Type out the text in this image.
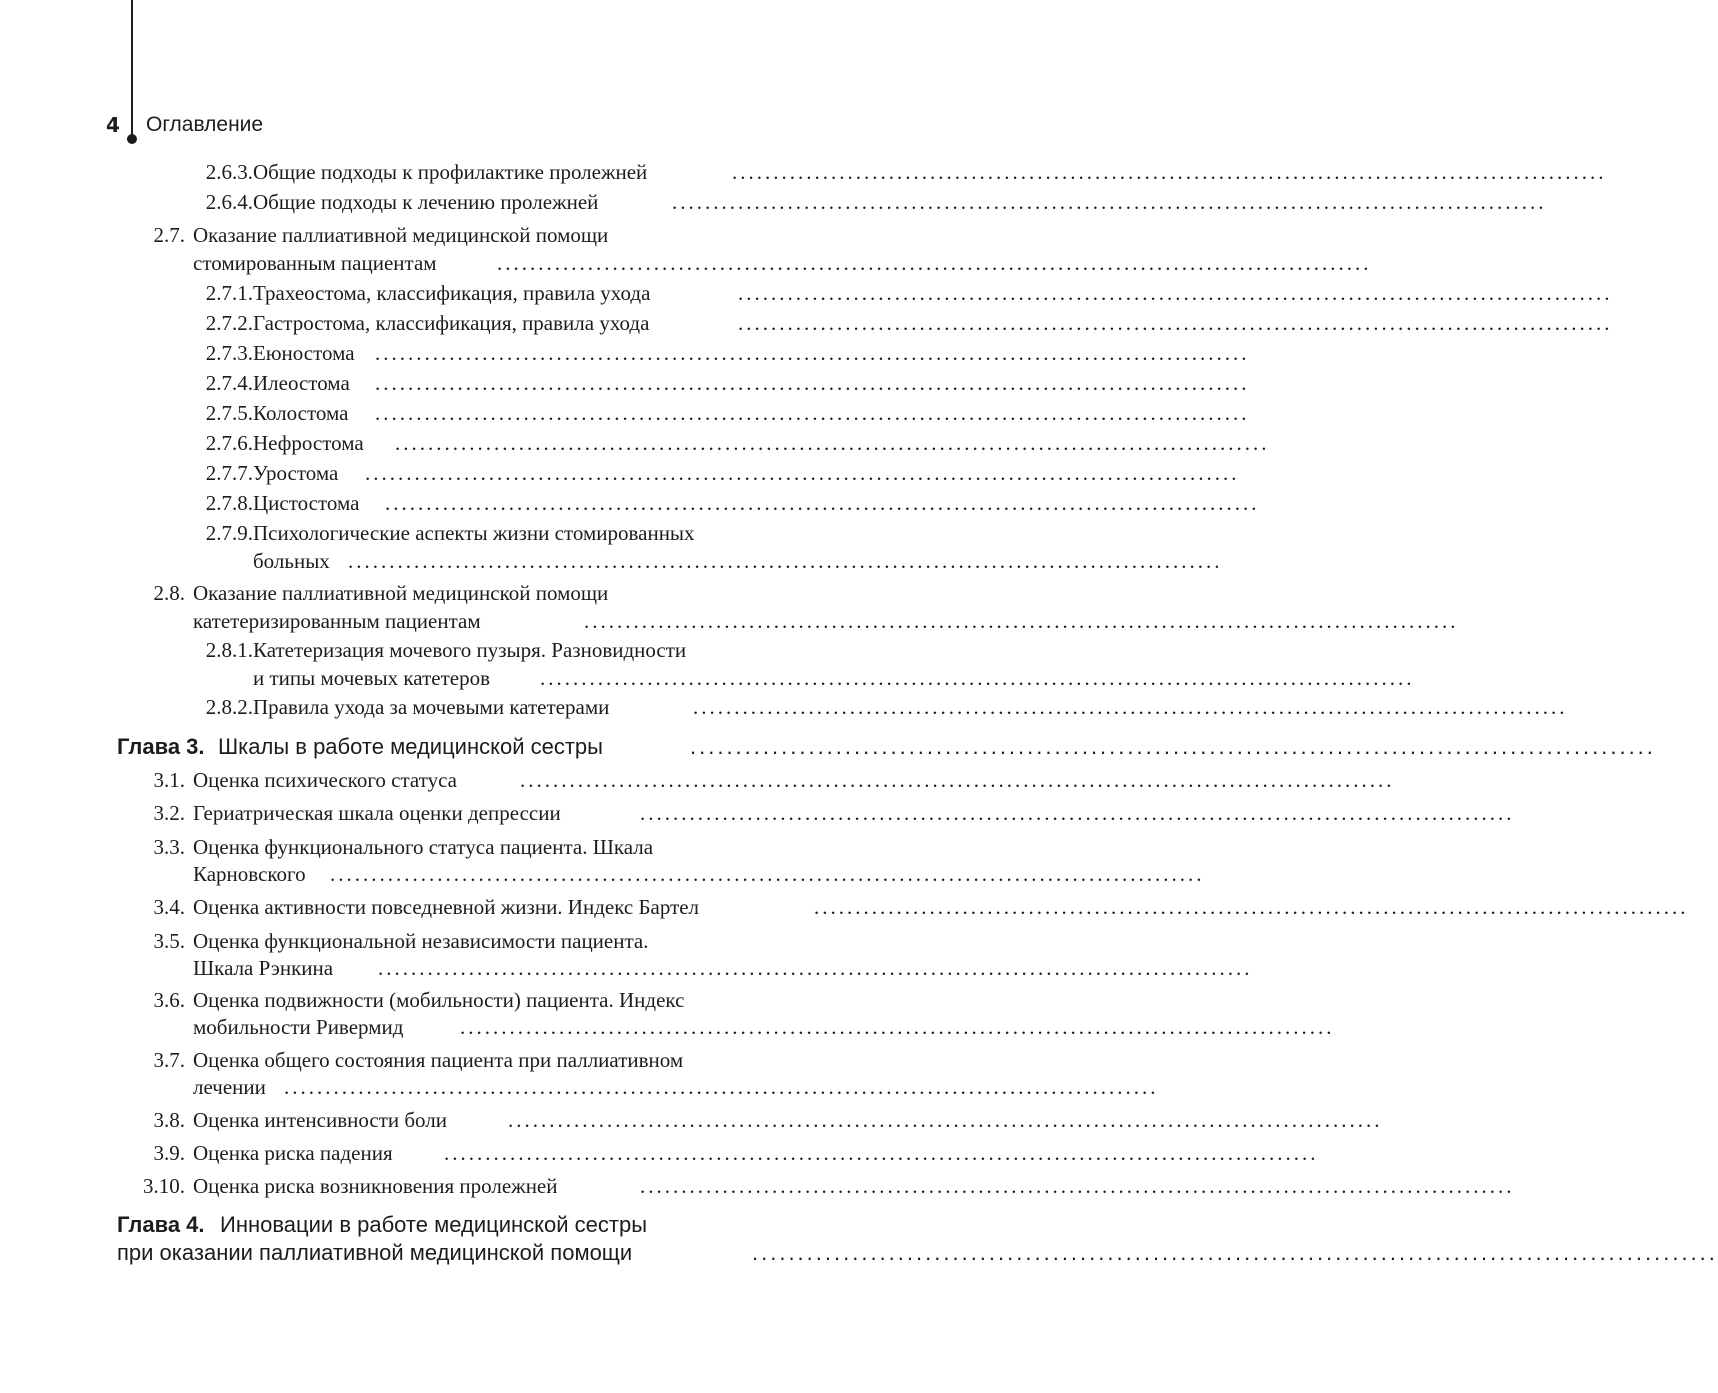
4 Оглавление
2.6.3. Общие подходы к профилактике пролежней	..........................................................................................................
2.6.4. Общие подходы к лечению пролежней	..........................................................................................................
2.7. Оказание паллиативной медицинской помощи
стомированным пациентам	..........................................................................................................
2.7.1. Трахеостома, классификация, правила ухода	..........................................................................................................
2.7.2. Гастростома, классификация, правила ухода	..........................................................................................................
2.7.3. Еюностома ..........................................................................................................
2.7.4. Илеостома ..........................................................................................................
2.7.5. Колостома ..........................................................................................................
2.7.6. Нефростома ..........................................................................................................
2.7.7. Уростома ..........................................................................................................
2.7.8. Цистостома ..........................................................................................................
2.7.9. Психологические аспекты жизни стомированных
больных ..........................................................................................................
2.8. Оказание паллиативной медицинской помощи
катетеризированным пациентам	..........................................................................................................
2.8.1. Катетеризация мочевого пузыря. Разновидности
и типы мочевых катетеров ..........................................................................................................
2.8.2. Правила ухода за мочевыми катетерами	..........................................................................................................
Глава 3. Шкалы в работе медицинской сестры	..........................................................................................................
3.1. Оценка психического статуса	..........................................................................................................
3.2. Гериатрическая шкала оценки депрессии	..........................................................................................................
3.3. Оценка функционального статуса пациента. Шкала
Карновского ..........................................................................................................
3.4. Оценка активности повседневной жизни. Индекс Бартел	..........................................................................................................
3.5. Оценка функциональной независимости пациента.
Шкала Рэнкина ..........................................................................................................
3.6. Оценка подвижности (мобильности) пациента. Индекс
мобильности Ривермид	..........................................................................................................
3.7. Оценка общего состояния пациента при паллиативном
лечении ..........................................................................................................
3.8. Оценка интенсивности боли	..........................................................................................................
3.9. Оценка риска падения ..........................................................................................................
3.10. Оценка риска возникновения пролежней	..........................................................................................................
Глава 4. Инновации в работе медицинской сестры
при оказании паллиативной медицинской помощи	..........................................................................................................
